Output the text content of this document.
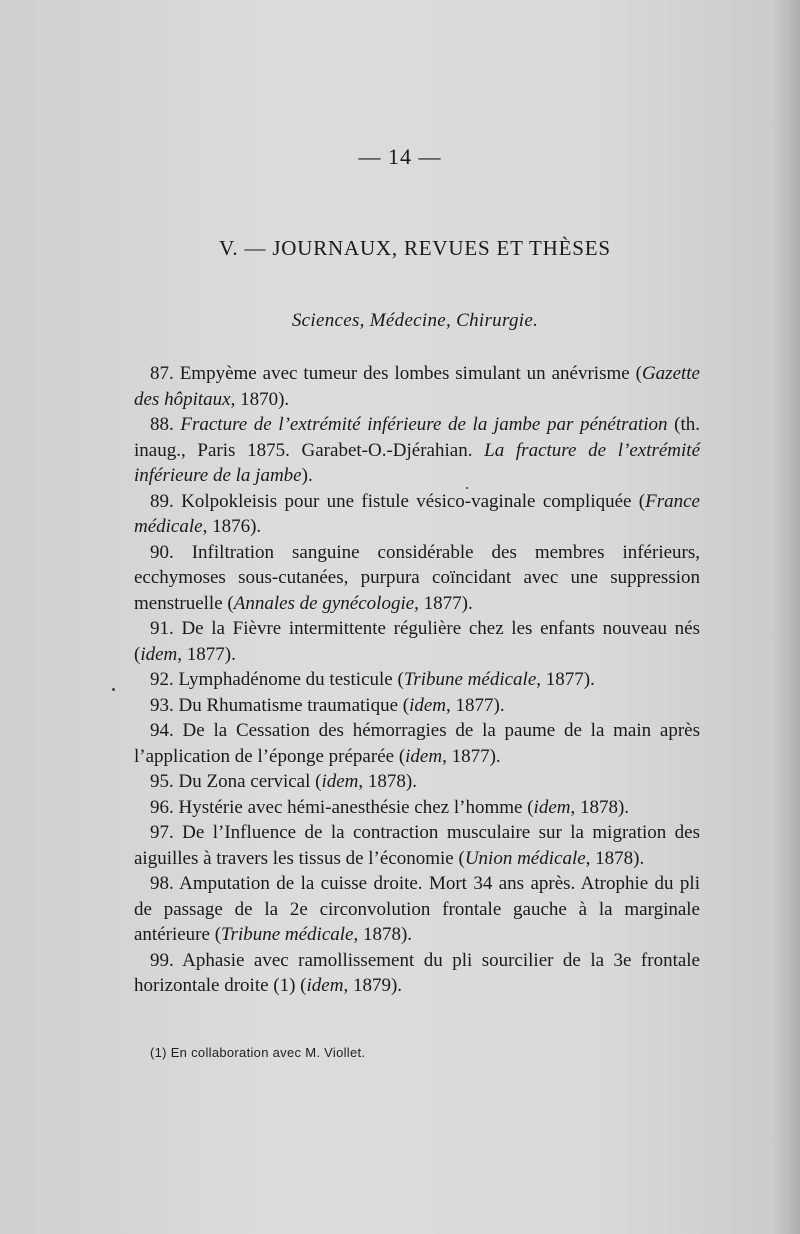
— 14 —
V. — JOURNAUX, REVUES ET THÈSES
Sciences, Médecine, Chirurgie.

87. Empyème avec tumeur des lombes simulant un anévrisme (Gazette des hôpitaux, 1870).

88. Fracture de l’extrémité inférieure de la jambe par pénétration (th. inaug., Paris 1875. Garabet-O.-Djérahian. La fracture de l’extrémité inférieure de la jambe).

89. Kolpokleisis pour une fistule vésico-vaginale compliquée (France médicale, 1876).

90. Infiltration sanguine considérable des membres inférieurs, ecchymoses sous-cutanées, purpura coïncidant avec une suppression menstruelle (Annales de gynécologie, 1877).

91. De la Fièvre intermittente régulière chez les enfants nouveau nés (idem, 1877).

92. Lymphadénome du testicule (Tribune médicale, 1877).

93. Du Rhumatisme traumatique (idem, 1877).

94. De la Cessation des hémorragies de la paume de la main après l’application de l’éponge préparée (idem, 1877).

95. Du Zona cervical (idem, 1878).

96. Hystérie avec hémi-anesthésie chez l’homme (idem, 1878).

97. De l’Influence de la contraction musculaire sur la migration des aiguilles à travers les tissus de l’économie (Union médicale, 1878).

98. Amputation de la cuisse droite. Mort 34 ans après. Atrophie du pli de passage de la 2e circonvolution frontale gauche à la marginale antérieure (Tribune médicale, 1878).

99. Aphasie avec ramollissement du pli sourcilier de la 3e frontale horizontale droite (1) (idem, 1879).

(1) En collaboration avec M. Viollet.
